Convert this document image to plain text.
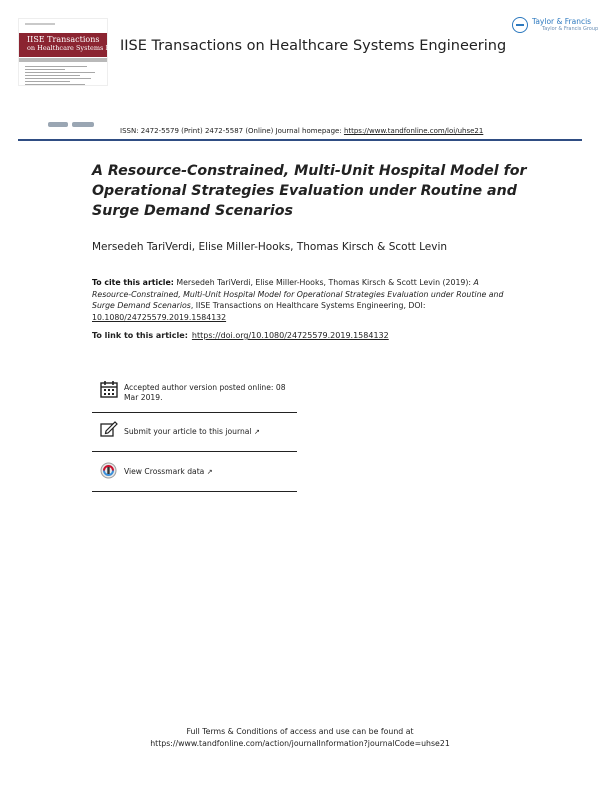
IISE Transactions
on Healthcare Systems Engineering
IISE Transactions on Healthcare Systems Engineering
Taylor & Francis
Taylor & Francis Group
ISSN: 2472-5579 (Print) 2472-5587 (Online) Journal homepage: https://www.tandfonline.com/loi/uhse21
A Resource-Constrained, Multi-Unit Hospital Model for Operational Strategies Evaluation under Routine and Surge Demand Scenarios
Mersedeh TariVerdi, Elise Miller-Hooks, Thomas Kirsch & Scott Levin
To cite this article: Mersedeh TariVerdi, Elise Miller-Hooks, Thomas Kirsch & Scott Levin (2019): A Resource-Constrained, Multi-Unit Hospital Model for Operational Strategies Evaluation under Routine and Surge Demand Scenarios, IISE Transactions on Healthcare Systems Engineering, DOI: 10.1080/24725579.2019.1584132
To link to this article: https://doi.org/10.1080/24725579.2019.1584132
Accepted author version posted online: 08 Mar 2019.
Submit your article to this journal ↗
View Crossmark data ↗
Full Terms & Conditions of access and use can be found at
https://www.tandfonline.com/action/journalInformation?journalCode=uhse21
